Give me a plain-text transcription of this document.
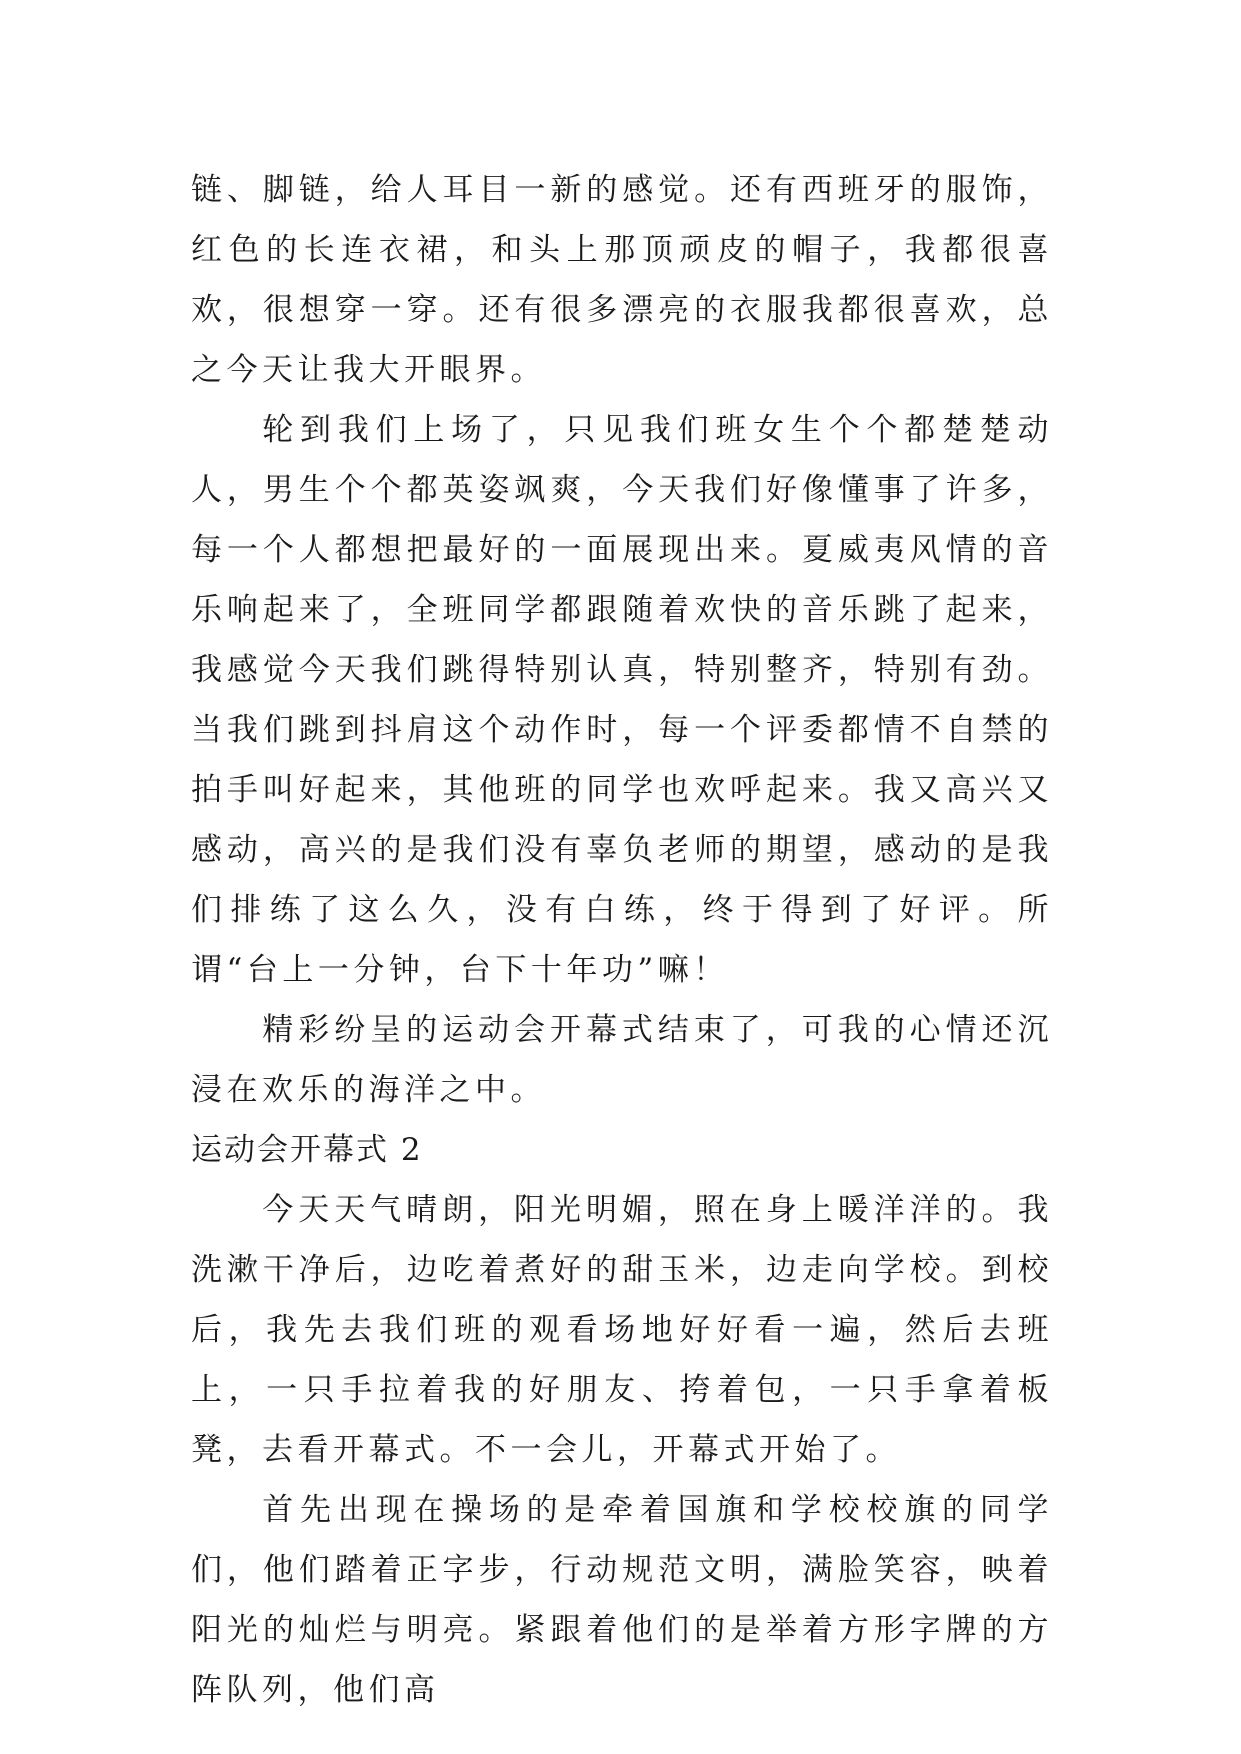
链、脚链，给人耳目一新的感觉。还有西班牙的服饰，红色的长连衣裙，和头上那顶顽皮的帽子，我都很喜欢，很想穿一穿。还有很多漂亮的衣服我都很喜欢，总之今天让我大开眼界。

轮到我们上场了，只见我们班女生个个都楚楚动人，男生个个都英姿飒爽，今天我们好像懂事了许多，每一个人都想把最好的一面展现出来。夏威夷风情的音乐响起来了，全班同学都跟随着欢快的音乐跳了起来，我感觉今天我们跳得特别认真，特别整齐，特别有劲。当我们跳到抖肩这个动作时，每一个评委都情不自禁的拍手叫好起来，其他班的同学也欢呼起来。我又高兴又感动，高兴的是我们没有辜负老师的期望，感动的是我们排练了这么久，没有白练，终于得到了好评。所谓“台上一分钟，台下十年功”嘛！

精彩纷呈的运动会开幕式结束了，可我的心情还沉浸在欢乐的海洋之中。

运动会开幕式 2

今天天气晴朗，阳光明媚，照在身上暖洋洋的。我洗漱干净后，边吃着煮好的甜玉米，边走向学校。到校后，我先去我们班的观看场地好好看一遍，然后去班上，一只手拉着我的好朋友、挎着包，一只手拿着板凳，去看开幕式。不一会儿，开幕式开始了。

首先出现在操场的是牵着国旗和学校校旗的同学们，他们踏着正字步，行动规范文明，满脸笑容，映着阳光的灿烂与明亮。紧跟着他们的是举着方形字牌的方阵队列，他们高
